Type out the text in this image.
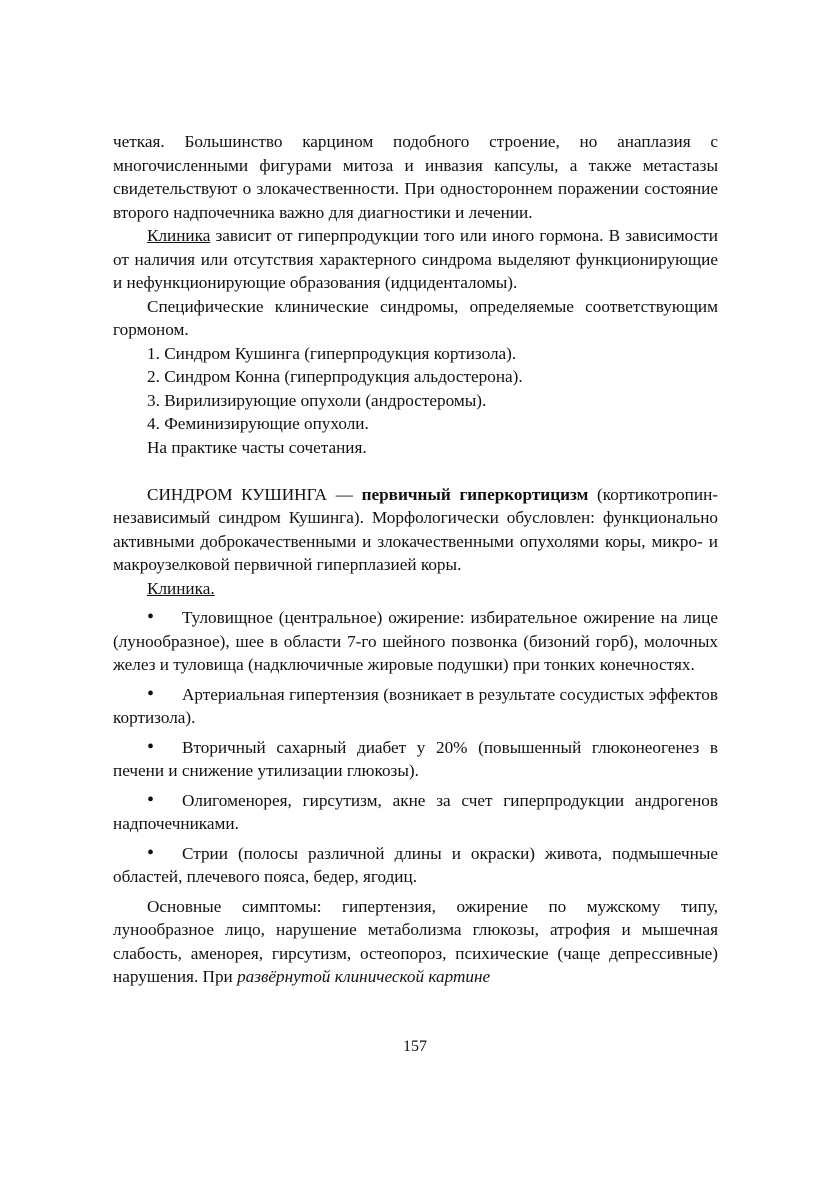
четкая. Большинство карцином подобного строение, но анаплазия с многочисленными фигурами митоза и инвазия капсулы, а также метастазы свидетельствуют о злокачественности. При одностороннем поражении состояние второго надпочечника важно для диагностики и лечении.

Клиника зависит от гиперпродукции того или иного гормона. В зависимости от наличия или отсутствия характерного синдрома выделяют функционирующие и нефункционирующие образования (идциденталомы).

Специфические клинические синдромы, определяемые соответствующим гормоном.

1. Синдром Кушинга (гиперпродукция кортизола).
2. Синдром Конна (гиперпродукция альдостерона).
3. Вирилизирующие опухоли (андростеромы).
4. Феминизирующие опухоли.

На практике часты сочетания.

СИНДРОМ КУШИНГА — первичный гиперкортицизм (кортикотропин-независимый синдром Кушинга). Морфологически обусловлен: функционально активными доброкачественными и злокачественными опухолями коры, микро- и макроузелковой первичной гиперплазией коры.

Клиника.

•Туловищное (центральное) ожирение: избирательное ожирение на лице (лунообразное), шее в области 7-го шейного позвонка (бизоний горб), молочных желез и туловища (надключичные жировые подушки) при тонких конечностях.

•Артериальная гипертензия (возникает в результате сосудистых эффектов кортизола).

•Вторичный сахарный диабет у 20% (повышенный глюконеогенез в печени и снижение утилизации глюкозы).

•Олигоменорея, гирсутизм, акне за счет гиперпродукции андрогенов надпочечниками.

•Стрии (полосы различной длины и окраски) живота, подмышечные областей, плечевого пояса, бедер, ягодиц.

Основные симптомы: гипертензия, ожирение по мужскому типу, лунообразное лицо, нарушение метаболизма глюкозы, атрофия и мышечная слабость, аменорея, гирсутизм, остеопороз, психические (чаще депрессивные) нарушения. При развёрнутой клинической картине

157
